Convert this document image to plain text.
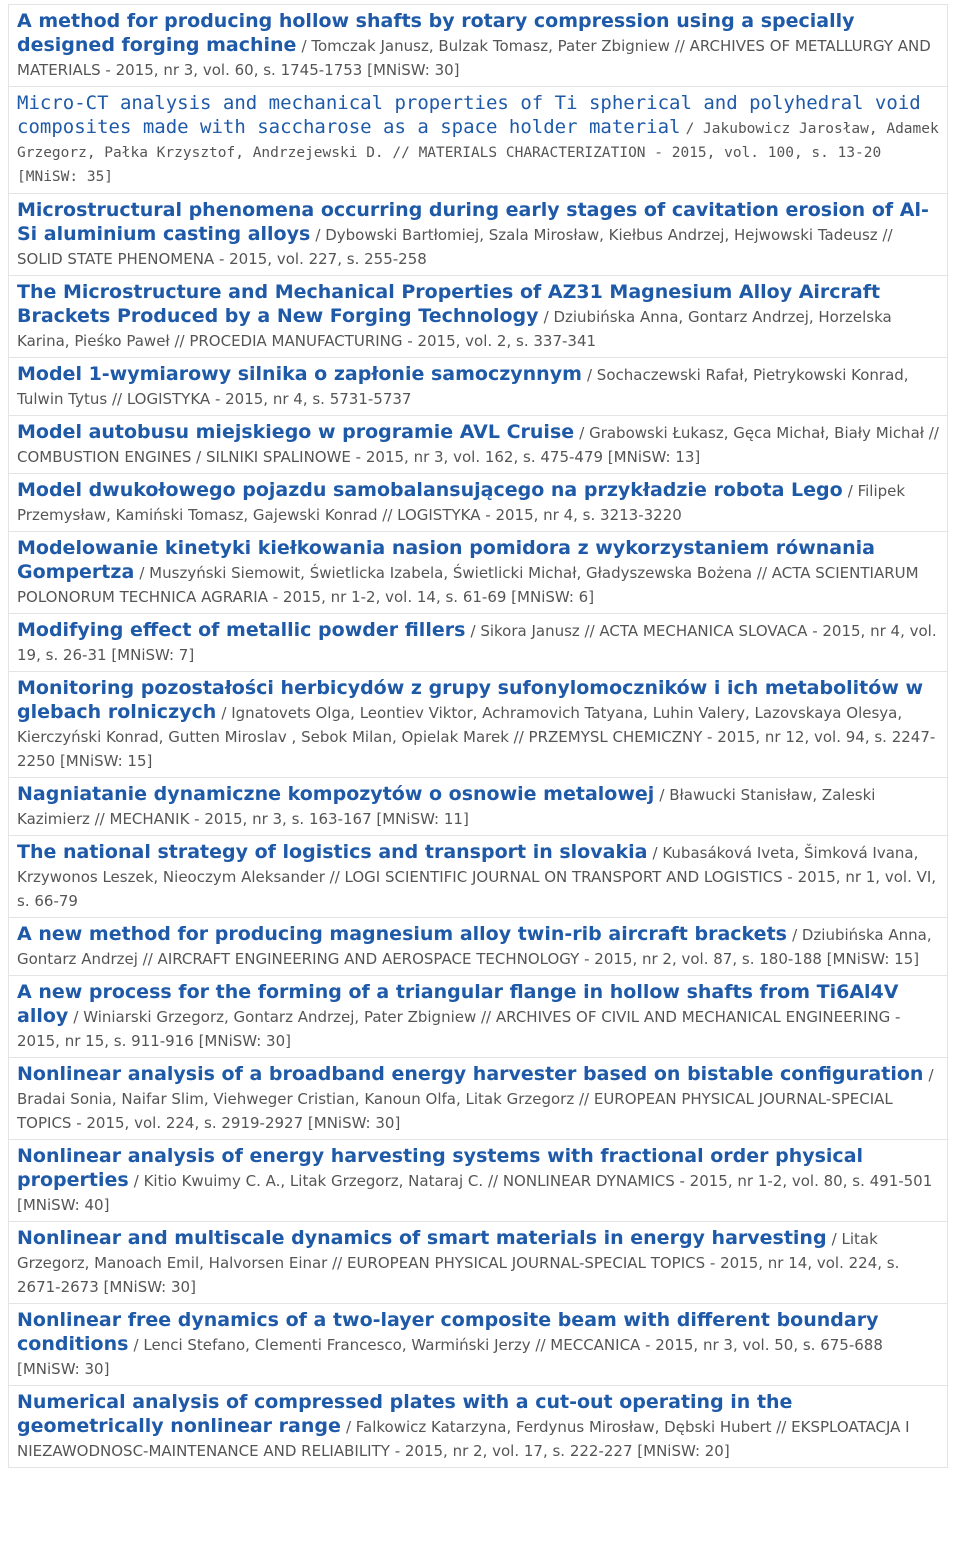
A method for producing hollow shafts by rotary compression using a specially designed forging machine / Tomczak Janusz, Bulzak Tomasz, Pater Zbigniew // ARCHIVES OF METALLURGY AND MATERIALS - 2015, nr 3, vol. 60, s. 1745-1753 [MNiSW: 30]
Micro-CT analysis and mechanical properties of Ti spherical and polyhedral void composites made with saccharose as a space holder material / Jakubowicz Jarosław, Adamek Grzegorz, Pałka Krzysztof, Andrzejewski D. // MATERIALS CHARACTERIZATION - 2015, vol. 100, s. 13-20 [MNiSW: 35]
Microstructural phenomena occurring during early stages of cavitation erosion of Al-Si aluminium casting alloys / Dybowski Bartłomiej, Szala Mirosław, Kiełbus Andrzej, Hejwowski Tadeusz // SOLID STATE PHENOMENA - 2015, vol. 227, s. 255-258
The Microstructure and Mechanical Properties of AZ31 Magnesium Alloy Aircraft Brackets Produced by a New Forging Technology / Dziubińska Anna, Gontarz Andrzej, Horzelska Karina, Pieśko Paweł // PROCEDIA MANUFACTURING - 2015, vol. 2, s. 337-341
Model 1-wymiarowy silnika o zapłonie samoczynnym / Sochaczewski Rafał, Pietrykowski Konrad, Tulwin Tytus // LOGISTYKA - 2015, nr 4, s. 5731-5737
Model autobusu miejskiego w programie AVL Cruise / Grabowski Łukasz, Gęca Michał, Biały Michał // COMBUSTION ENGINES / SILNIKI SPALINOWE - 2015, nr 3, vol. 162, s. 475-479 [MNiSW: 13]
Model dwukołowego pojazdu samobalansującego na przykładzie robota Lego / Filipek Przemysław, Kamiński Tomasz, Gajewski Konrad // LOGISTYKA - 2015, nr 4, s. 3213-3220
Modelowanie kinetyki kiełkowania nasion pomidora z wykorzystaniem równania Gompertza / Muszyński Siemowit, Świetlicka Izabela, Świetlicki Michał, Gładyszewska Bożena // ACTA SCIENTIARUM POLONORUM TECHNICA AGRARIA - 2015, nr 1-2, vol. 14, s. 61-69 [MNiSW: 6]
Modifying effect of metallic powder fillers / Sikora Janusz // ACTA MECHANICA SLOVACA - 2015, nr 4, vol. 19, s. 26-31 [MNiSW: 7]
Monitoring pozostałości herbicydów z grupy sufonylomoczników i ich metabolitów w glebach rolniczych / Ignatovets Olga, Leontiev Viktor, Achramovich Tatyana, Luhin Valery, Lazovskaya Olesya, Kierczyński Konrad, Gutten Miroslav , Sebok Milan, Opielak Marek // PRZEMYSL CHEMICZNY - 2015, nr 12, vol. 94, s. 2247-2250 [MNiSW: 15]
Nagniatanie dynamiczne kompozytów o osnowie metalowej / Bławucki Stanisław, Zaleski Kazimierz // MECHANIK - 2015, nr 3, s. 163-167 [MNiSW: 11]
The national strategy of logistics and transport in slovakia / Kubasáková Iveta, Šimková Ivana, Krzywonos Leszek, Nieoczym Aleksander // LOGI SCIENTIFIC JOURNAL ON TRANSPORT AND LOGISTICS - 2015, nr 1, vol. VI, s. 66-79
A new method for producing magnesium alloy twin-rib aircraft brackets / Dziubińska Anna, Gontarz Andrzej // AIRCRAFT ENGINEERING AND AEROSPACE TECHNOLOGY - 2015, nr 2, vol. 87, s. 180-188 [MNiSW: 15]
A new process for the forming of a triangular flange in hollow shafts from Ti6Al4V alloy / Winiarski Grzegorz, Gontarz Andrzej, Pater Zbigniew // ARCHIVES OF CIVIL AND MECHANICAL ENGINEERING - 2015, nr 15, s. 911-916 [MNiSW: 30]
Nonlinear analysis of a broadband energy harvester based on bistable configuration / Bradai Sonia, Naifar Slim, Viehweger Cristian, Kanoun Olfa, Litak Grzegorz // EUROPEAN PHYSICAL JOURNAL-SPECIAL TOPICS - 2015, vol. 224, s. 2919-2927 [MNiSW: 30]
Nonlinear analysis of energy harvesting systems with fractional order physical properties / Kitio Kwuimy C. A., Litak Grzegorz, Nataraj C. // NONLINEAR DYNAMICS - 2015, nr 1-2, vol. 80, s. 491-501 [MNiSW: 40]
Nonlinear and multiscale dynamics of smart materials in energy harvesting / Litak Grzegorz, Manoach Emil, Halvorsen Einar // EUROPEAN PHYSICAL JOURNAL-SPECIAL TOPICS - 2015, nr 14, vol. 224, s. 2671-2673 [MNiSW: 30]
Nonlinear free dynamics of a two-layer composite beam with different boundary conditions / Lenci Stefano, Clementi Francesco, Warmiński Jerzy // MECCANICA - 2015, nr 3, vol. 50, s. 675-688 [MNiSW: 30]
Numerical analysis of compressed plates with a cut-out operating in the geometrically nonlinear range / Falkowicz Katarzyna, Ferdynus Mirosław, Dębski Hubert // EKSPLOATACJA I NIEZAWODNOSC-MAINTENANCE AND RELIABILITY - 2015, nr 2, vol. 17, s. 222-227 [MNiSW: 20]
